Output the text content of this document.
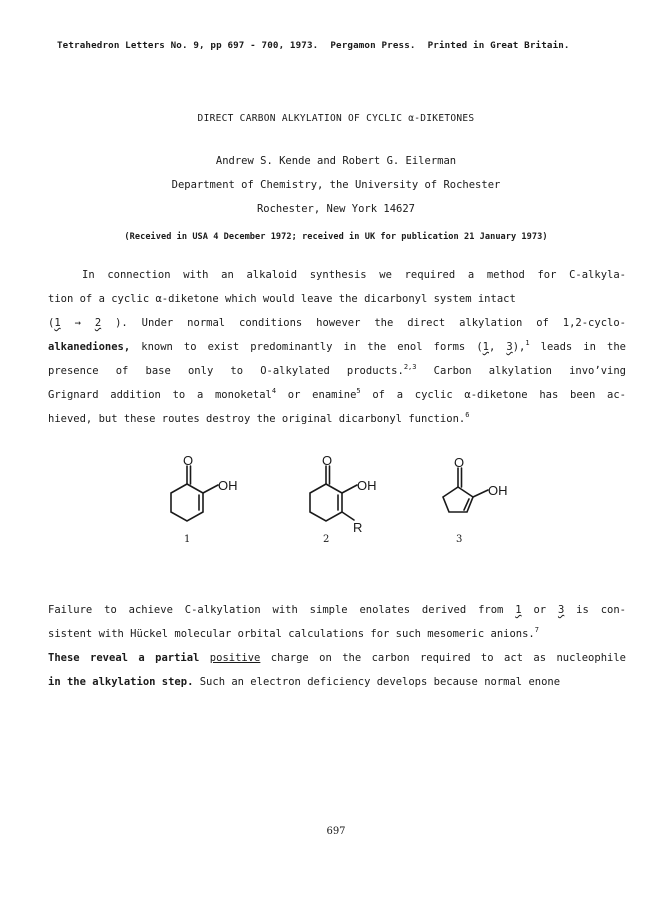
Tetrahedron Letters No. 9, pp 697 - 700, 1973. Pergamon Press. Printed in Great Britain.
DIRECT CARBON ALKYLATION OF CYCLIC α-DIKETONES
Andrew S. Kende and Robert G. Eilerman
Department of Chemistry, the University of Rochester
Rochester, New York 14627
(Received in USA 4 December 1972; received in UK for publication 21 January 1973)
In connection with an alkaloid synthesis we required a method for C-alkyla-
tion of a cyclic α-diketone which would leave the dicarbonyl system intact
(1 → 2 ). Under normal conditions however the direct alkylation of 1,2-cyclo-
alkanediones, known to exist predominantly in the enol forms (1, 3),$^1$ leads in the
presence of base only to O-alkylated products.$^{2,3}$ Carbon alkylation invoʼving
Grignard addition to a monoketal$^4$ or enamine$^5$ of a cyclic α-diketone has been ac-
hieved, but these routes destroy the original dicarbonyl function.$^6$
O
OH
O
OH
R
O
OH
1	2	3
Failure to achieve C-alkylation with simple enolates derived from 1 or 3 is con-
sistent with Hückel molecular orbital calculations for such mesomeric anions.$^7$
These reveal a partial positive charge on the carbon required to act as nucleophile
in the alkylation step. Such an electron deficiency develops because normal enone
697
